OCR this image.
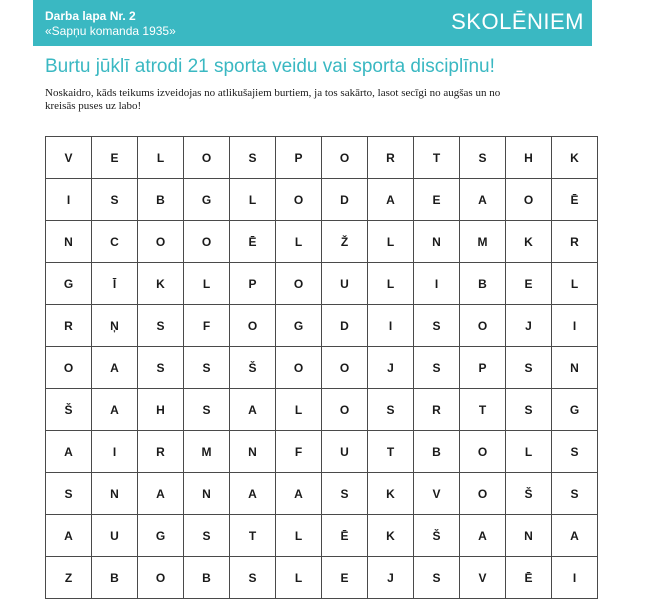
Darba lapa Nr. 2
«Sapņu komanda 1935»	SKOLĒNIEM
Burtu jūklī atrodi 21 sporta veidu vai sporta disciplīnu!
Noskaidro, kāds teikums izveidojas no atlikušajiem burtiem, ja tos sakārto, lasot secīgi no augšas un no kreisās puses uz labo!
V	E	L	O	S	P	O	R	T	S	H	K
I	S	B	G	L	O	D	A	E	A	O	Ē
N	C	O	O	Ē	L	Ž	L	N	M	K	R
G	Ī	K	L	P	O	U	L	I	B	E	L
R	Ņ	S	F	O	G	D	I	S	O	J	I
O	A	S	S	Š	O	O	J	S	P	S	N
Š	A	H	S	A	L	O	S	R	T	S	G
A	I	R	M	N	F	U	T	B	O	L	S
S	N	A	N	A	A	S	K	V	O	Š	S
A	U	G	S	T	L	Ē	K	Š	A	N	A
Z	B	O	B	S	L	E	J	S	V	Ē	I
